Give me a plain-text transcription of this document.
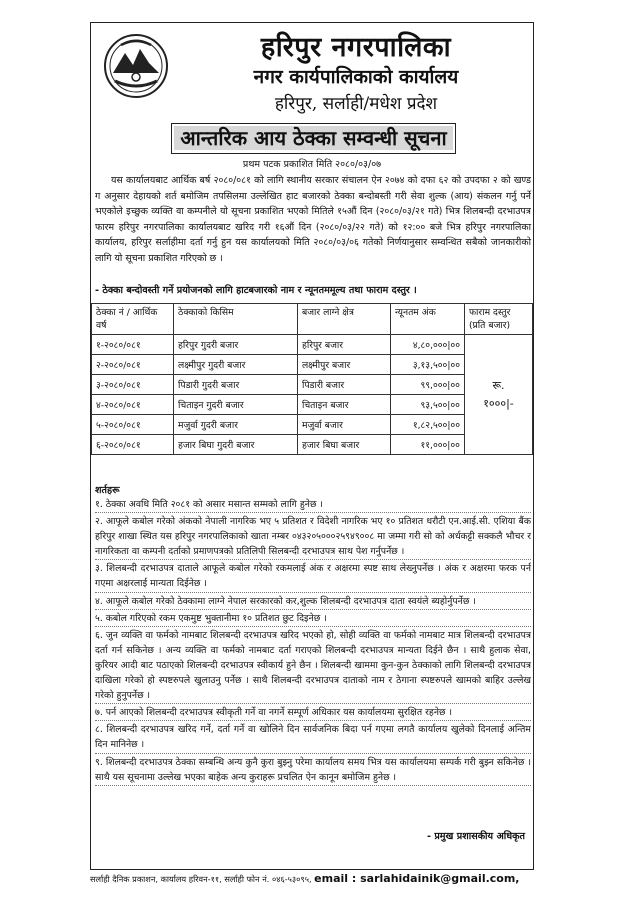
हरिपुर नगरपालिका
नगर कार्यपालिकाको कार्यालय
हरिपुर, सर्लाही/मधेश प्रदेश
आन्तरिक आय ठेक्का सम्वन्धी सूचना
प्रथम पटक प्रकाशित मिति २०८०/०३/०७

यस कार्यालयबाट आर्थिक बर्ष २०८०/०८१ को लागि स्थानीय सरकार संचालन ऐन २०७४ को दफा ६२ को उपदफा २ को खण्ड ग अनुसार देहायको शर्त बमोजिम तपसिलमा उल्लेखित हाट बजारको ठेक्का बन्दोबस्ती गरी सेवा शुल्क (आय) संकलन गर्नु पर्ने भएकोले इच्छुक व्यक्ति वा कम्पनीले यो सूचना प्रकाशित भएको मितिले १५औं दिन (२०८०/०३/२१ गते) भित्र शिलबन्दी दरभाउपत्र फारम हरिपुर नगरपालिका कार्यालयबाट खरिद गरी १६औं दिन (२०८०/०३/२२ गते) को १२:०० बजे भित्र हरिपुर नगरपालिका कार्यालय, हरिपुर सर्लाहीमा दर्ता गर्नु हुन यस कार्यालयको मिति २०८०/०३/०६ गतेको निर्णयानुसार सम्वन्धित सबैको जानकारीको लागि यो सूचना प्रकाशित गरिएको छ ।

- ठेक्का बन्दोवस्ती गर्ने प्रयोजनको लागि हाटबजारको नाम र न्यूनतममूल्य तथा फाराम दस्तुर ।
ठेक्का नं / आर्थिक वर्ष	ठेक्काको किसिम	बजार लाग्ने क्षेत्र	न्यूनतम अंक	फाराम दस्तुर (प्रति बजार)
१-२०८०/०८१	हरिपुर गुदरी बजार	हरिपुर बजार	४,८०,०००|००	रू.
१०००|-

२-२०८०/०८१	लक्ष्मीपुर गुदरी बजार	लक्ष्मीपुर बजार	३,१३,५००|००	
३-२०८०/०८१	पिडारी गुदरी बजार	पिडारी बजार	९९,०००|००	
४-२०८०/०८१	चिताइन गुदरी बजार	चिताइन बजार	९३,५००|००	
५-२०८०/०८१	मजुर्वा गुदरी बजार	मजुर्वा बजार	१,८२,५००|००	
६-२०८०/०८१	हजार बिघा गुदरी बजार	हजार बिघा बजार	११,०००|००	
शर्तहरू
१. ठेक्का अवधि मिति २०८१ को असार मसान्त सम्मको लागि हुनेछ ।
२. आफूले कबोल गरेको अंकको नेपाली नागरिक भए ५ प्रतिशत र विदेशी नागरिक भए १० प्रतिशत धरौटी एन.आई.सी. एशिया बैंक हरिपुर शाखा स्थित यस हरिपुर नगरपालिकाको खाता नम्बर ०४३२०५०००२५९४९००८ मा जम्मा गरी सो को अर्धकट्टी सक्कलै भौचर र नागरिकता वा कम्पनी दर्ताको प्रमाणपत्रको प्रतिलिपी सिलबन्दी दरभाउपत्र साथ पेश गर्नुपर्नेछ ।
३. शिलबन्दी दरभाउपत्र दाताले आफूले कबोल गरेको रकमलाई अंक र अक्षरमा स्पष्ट साथ लेख्नुपर्नेछ । अंक र अक्षरमा फरक पर्न गएमा अक्षरलाई मान्यता दिईनेछ ।
४. आफूले कबोल गरेको ठेक्कामा लाग्ने नेपाल सरकारको कर,शुल्क शिलबन्दी दरभाउपत्र दाता स्वयंले ब्यहोर्नुपर्नेछ ।
५. कबोल गरिएको रकम एकमुष्ट भुक्तानीमा १० प्रतिशत छुट दिइनेछ ।
६. जुन व्यक्ति वा फर्मको नामबाट शिलबन्दी दरभाउपत्र खरिद भएको हो, सोही व्यक्ति वा फर्मको नामबाट मात्र शिलबन्दी दरभाउपत्र दर्ता गर्न सकिनेछ । अन्य व्यक्ति वा फर्मको नामबाट दर्ता गराएको शिलबन्दी दरभाउपत्र मान्यता दिईने छैन । साथै हुलाक सेवा, कुरियर आदी बाट पठाएको शिलबन्दी दरभाउपत्र स्वीकार्य हुने छैन । शिलबन्दी खाममा कुन-कुन ठेक्काको लागि शिलबन्दी दरभाउपत्र दाखिला गरेको हो स्पष्टरुपले खुलाउनु पर्नेछ । साथै शिलबन्दी दरभाउपत्र दाताको नाम र ठेगाना स्पष्टरुपले खामको बाहिर उल्लेख गरेको हुनुपर्नेछ ।
७. पर्न आएको शिलबन्दी दरभाउपत्र स्वीकृती गर्ने वा नगर्ने सम्पूर्ण अधिकार यस कार्यालयमा सुरक्षित रहनेछ ।
८. शिलबन्दी दरभाउपत्र खरिद गर्ने, दर्ता गर्ने वा खोलिने दिन सार्वजनिक बिदा पर्न गएमा लगतै कार्यालय खुलेको दिनलाई अन्तिम दिन मानिनेछ ।
९. शिलबन्दी दरभाउपत्र ठेक्का सम्बन्धि अन्य कुनै कुरा बुझ्नु परेमा कार्यालय समय भित्र यस कार्यालयमा सम्पर्क गरी बुझ्न सकिनेछ । साथै यस सूचनामा उल्लेख भएका बाहेक अन्य कुराहरू प्रचलित ऐन कानून बमोजिम हुनेछ ।
- प्रमुख प्रशासकीय अधिकृत
सर्लाही दैनिक प्रकाशन, कार्यालय हरिवन-११, सर्लाही फोन नं. ०४६-५३०९५, email : sarlahidainik@gmail.com,
